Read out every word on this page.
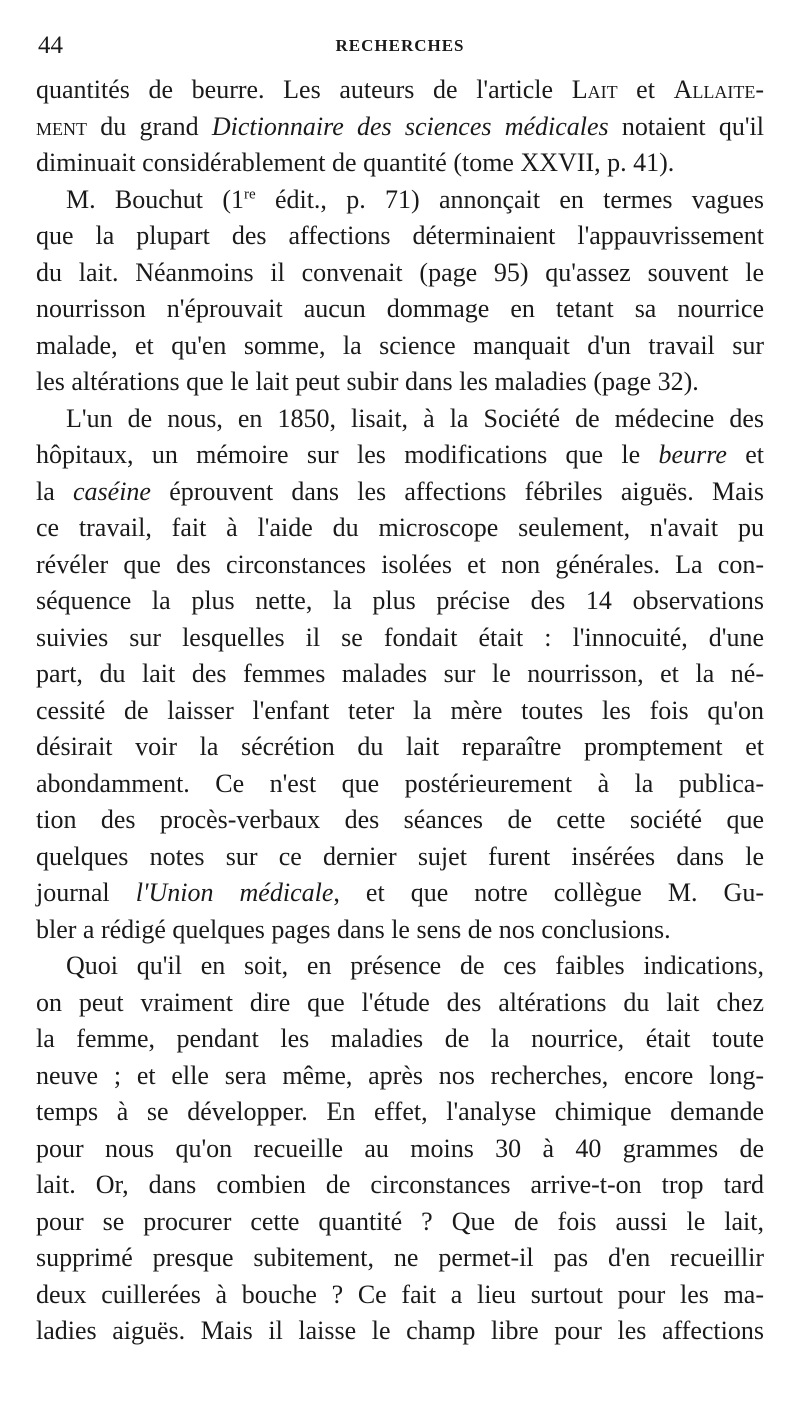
44	RECHERCHES
quantités de beurre. Les auteurs de l'article Lait et Allaite-
ment du grand Dictionnaire des sciences médicales notaient qu'il
diminuait considérablement de quantité (tome XXVII, p. 41).
M. Bouchut (1re édit., p. 71) annonçait en termes vagues
que la plupart des affections déterminaient l'appauvrissement
du lait. Néanmoins il convenait (page 95) qu'assez souvent le
nourrisson n'éprouvait aucun dommage en tetant sa nourrice
malade, et qu'en somme, la science manquait d'un travail sur
les altérations que le lait peut subir dans les maladies (page 32).
L'un de nous, en 1850, lisait, à la Société de médecine des
hôpitaux, un mémoire sur les modifications que le beurre et
la caséine éprouvent dans les affections fébriles aiguës. Mais
ce travail, fait à l'aide du microscope seulement, n'avait pu
révéler que des circonstances isolées et non générales. La con-
séquence la plus nette, la plus précise des 14 observations
suivies sur lesquelles il se fondait était : l'innocuité, d'une
part, du lait des femmes malades sur le nourrisson, et la né-
cessité de laisser l'enfant teter la mère toutes les fois qu'on
désirait voir la sécrétion du lait reparaître promptement et
abondamment. Ce n'est que postérieurement à la publica-
tion des procès-verbaux des séances de cette société que
quelques notes sur ce dernier sujet furent insérées dans le
journal l'Union médicale, et que notre collègue M. Gu-
bler a rédigé quelques pages dans le sens de nos conclusions.
Quoi qu'il en soit, en présence de ces faibles indications,
on peut vraiment dire que l'étude des altérations du lait chez
la femme, pendant les maladies de la nourrice, était toute
neuve ; et elle sera même, après nos recherches, encore long-
temps à se développer. En effet, l'analyse chimique demande
pour nous qu'on recueille au moins 30 à 40 grammes de
lait. Or, dans combien de circonstances arrive-t-on trop tard
pour se procurer cette quantité ? Que de fois aussi le lait,
supprimé presque subitement, ne permet-il pas d'en recueillir
deux cuillerées à bouche ? Ce fait a lieu surtout pour les ma-
ladies aiguës. Mais il laisse le champ libre pour les affections
